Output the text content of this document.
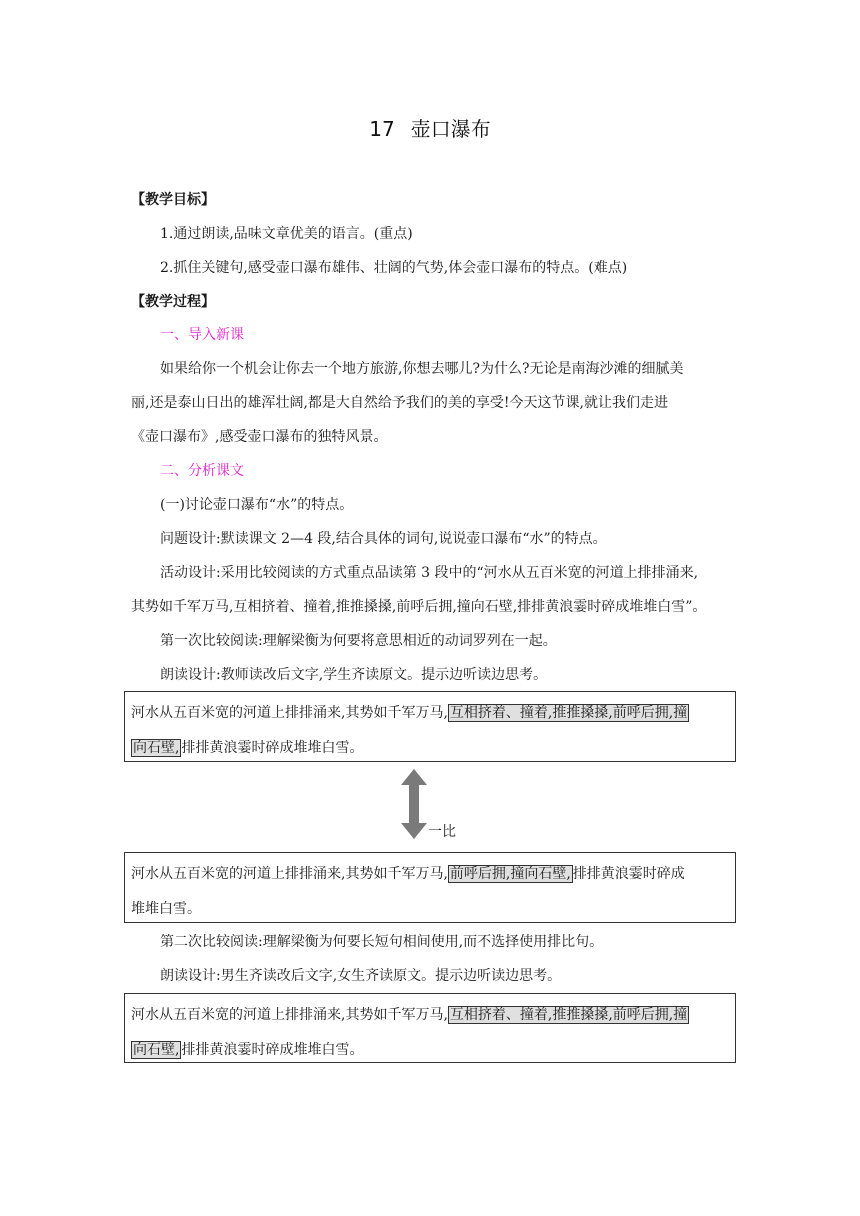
17 壶口瀑布
【教学目标】
1.通过朗读,品味文章优美的语言。(重点)
2.抓住关键句,感受壶口瀑布雄伟、壮阔的气势,体会壶口瀑布的特点。(难点)
【教学过程】
一、导入新课
如果给你一个机会让你去一个地方旅游,你想去哪儿?为什么?无论是南海沙滩的细腻美
丽,还是泰山日出的雄浑壮阔,都是大自然给予我们的美的享受!今天这节课,就让我们走进
《壶口瀑布》,感受壶口瀑布的独特风景。
二、分析课文
(一)讨论壶口瀑布“水”的特点。
问题设计:默读课文 2—4 段,结合具体的词句,说说壶口瀑布“水”的特点。
活动设计:采用比较阅读的方式重点品读第 3 段中的“河水从五百米宽的河道上排排涌来,
其势如千军万马,互相挤着、撞着,推推搡搡,前呼后拥,撞向石壁,排排黄浪霎时碎成堆堆白雪”。
第一次比较阅读:理解梁衡为何要将意思相近的动词罗列在一起。
朗读设计:教师读改后文字,学生齐读原文。提示边听读边思考。
河水从五百米宽的河道上排排涌来,其势如千军万马, 互相挤着、撞着,推推搡搡,前呼后拥,撞
向石壁, 排排黄浪霎时碎成堆堆白雪。
一比
河水从五百米宽的河道上排排涌来,其势如千军万马, 前呼后拥,撞向石壁, 排排黄浪霎时碎成
堆堆白雪。
第二次比较阅读:理解梁衡为何要长短句相间使用,而不选择使用排比句。
朗读设计:男生齐读改后文字,女生齐读原文。提示边听读边思考。
河水从五百米宽的河道上排排涌来,其势如千军万马, 互相挤着、撞着,推推搡搡,前呼后拥,撞
向石壁, 排排黄浪霎时碎成堆堆白雪。
